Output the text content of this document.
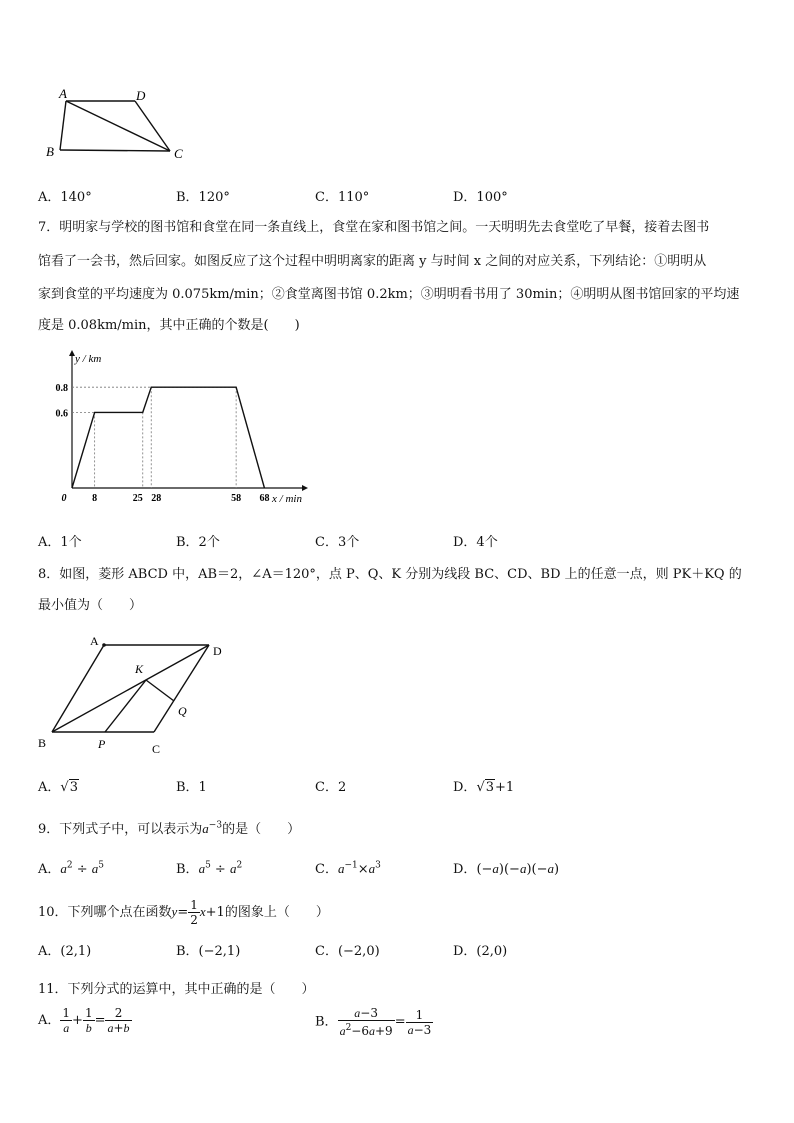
A	D
B	C
A．140°	B．120°	C．110°	D．100°
7．明明家与学校的图书馆和食堂在同一条直线上，食堂在家和图书馆之间。一天明明先去食堂吃了早餐，接着去图书
馆看了一会书，然后回家。如图反应了这个过程中明明离家的距离 y 与时间 x 之间的对应关系，下列结论：①明明从
家到食堂的平均速度为 0.075km/min；②食堂离图书馆 0.2km；③明明看书用了 30min；④明明从图书馆回家的平均速
度是 0.08km/min，其中正确的个数是(　　)
0	8	25 28	58 68
0.6
0.8
x / min
y / km
A．1个	B．2个	C．3个	D．4个
8．如图，菱形 ABCD 中，AB＝2，∠A＝120°，点 P、Q、K 分别为线段 BC、CD、BD 上的任意一点，则 PK＋KQ 的
最小值为（　　）
A
D
B	C
K
P
Q
A．√3	B．1	C．2	D．√3+1
9．下列式子中，可以表示为$a^{-3}$的是（　　）
A．$a^2 \div a^5$	B．$a^5 \div a^2$	C．$a^{-1}\times a^3$	D．(−a)(−a)(−a)
10．下列哪个点在函数$y= \frac{1}{2} x+1$的图象上（　　）
A．(2,1)	B．(−2,1)	C．(−2,0)	D．(2,0)
11．下列分式的运算中，其中正确的是（　　）
A． $\frac{1}{a} + \frac{1}{b} = \frac{2}{a+b}$	B． $\frac{a-3}{a^2-6a+9} = \frac{1}{a-3}$
